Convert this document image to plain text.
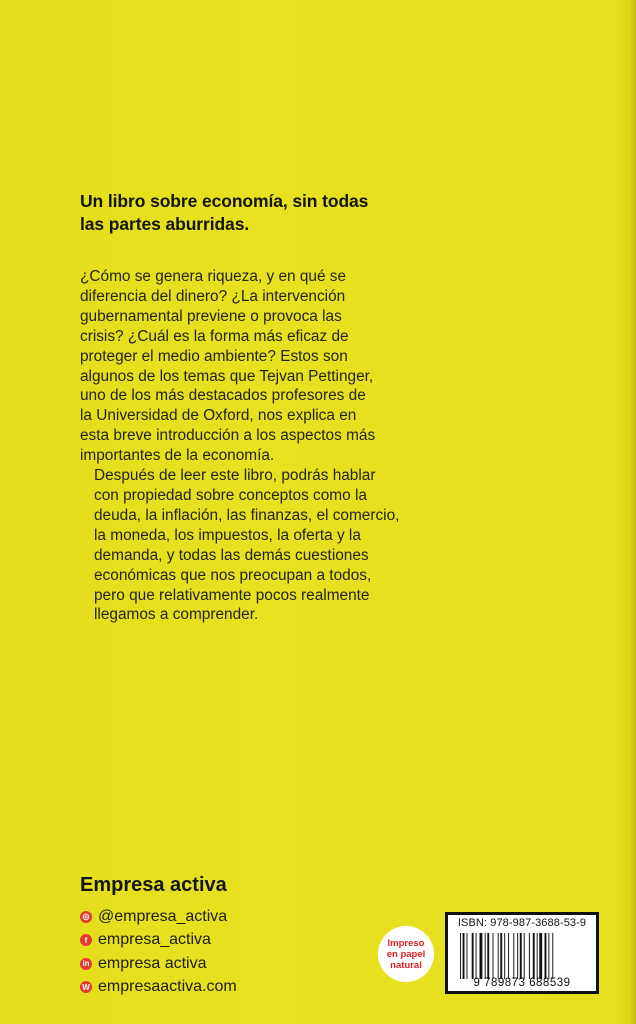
Un libro sobre economía, sin todas
las partes aburridas.

¿Cómo se genera riqueza, y en qué se
diferencia del dinero? ¿La intervención
gubernamental previene o provoca las
crisis? ¿Cuál es la forma más eficaz de
proteger el medio ambiente? Estos son
algunos de los temas que Tejvan Pettinger,
uno de los más destacados profesores de
la Universidad de Oxford, nos explica en
esta breve introducción a los aspectos más
importantes de la economía.

Después de leer este libro, podrás hablar
con propiedad sobre conceptos como la
deuda, la inflación, las finanzas, el comercio,
la moneda, los impuestos, la oferta y la
demanda, y todas las demás cuestiones
económicas que nos preocupan a todos,
pero que relativamente pocos realmente
llegamos a comprender.

Empresa activa
◎ @empresa_activa
f empresa_activa
in empresa activa
W empresaactiva.com
Impreso
en papel
natural
ISBN: 978-987-3688-53-9
9 789873 688539
